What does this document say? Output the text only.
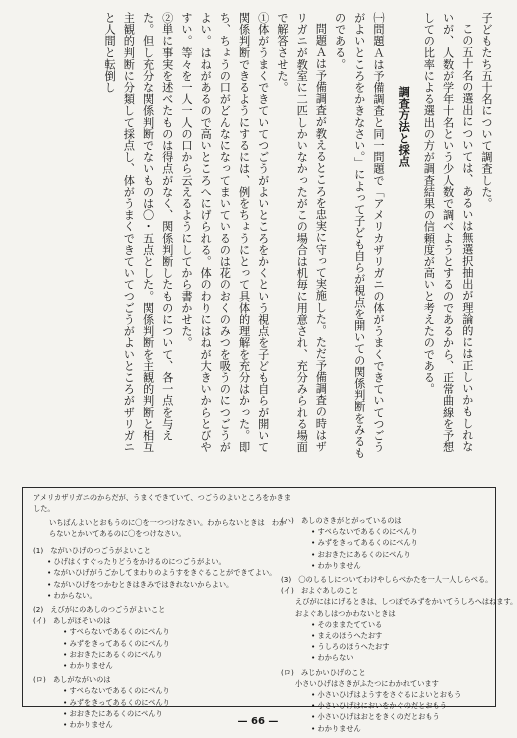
子どもたち五十名について調査した。

この五十名の選出については、あるいは無選択抽出が理論的には正しいかもしれないが、人数が学年十名という少人数で調べようとするのであるから、正常曲線を予想しての比率による選出の方が調査結果の信頼度が高いと考えたのである。

調査方法と採点

㈠問題Ａは予備調査と同一問題で「アメリカザリガニの体がうまくできていてつごうがよいところをかきなさい。」によって子ども自らが視点を開いての関係判断をみるものである。

問題Ａは予備調査が教えるところを忠実に守って実施した。ただ予備調査の時はザリガニが教室に二匹しかいなかったがこの場合は机毎に用意され、充分みられる場面で解答させた。

①体がうまくできていてつごうがよいところをかくという視点を子ども自らが開いて関係判断できるようにするには、例をちょうにとって具体的理解を充分はかった。即ち、ちょうの口がどんなになってまいているのは花のおくのみつを吸うのにつごうがよい。はねがあるので高いところへにげられる。体のわりにはねが大きいからとびやすい。等々を一人一人の口から云えるようにしてから書かせた。

②単に事実を述べたものは得点がなく、関係判断したものについて、各一点を与えた。但し充分な関係判断でないものは〇・五点とした。関係判断を主観的判断と相互主観的判断に分類して採点し、体がうまくできていてつごうがよいところがザリガニと人間と転倒し

アメリカザリガニのからだが、うまくできていて、つごうのよいところをかきました。
いちばんよいとおもうのに〇を一つつけなさい。わからないときは　わからないとかいてあるのに〇をつけなさい。
(1)　ながいひげのつごうがよいこと
• ひげはくすぐったりどうをかけるのにつごうがよい。
• ながいひげがうごかしてまわりのようすをきぐることができてよい。
• ながいひげをつかむときはきみではきれないからよい。
• わからない。
(2)　えびがにのあしのつごうがよいこと
(イ)　あしがほそいのは
• すべらないであるくのにべんり
• みずをきってあるくのにべんり
• おおきたにあるくのにべんり
• わかりません
(ロ)　あしがながいのは
• すべらないであるくのにべんり
• みずをきってあるくのにべんり
• おおきたにあるくのにべんり
• わかりません
(ハ)　あしのさきがとがっているのは
• すべらないであるくのにべんり
• みずをきってあるくのにべんり
• おおきたにあるくのにべんり
• わかりません
(3)　〇のしるしについてわけやしらべかたを一人一人しらべる。
(イ)　およぐあしのこと
えびがにはにげるときは、しつぽでみずをかいてうしろへはねます。
およぐあしはつかわないときは
• そのままたてている
• まえのほうへたおす
• うしろのほうへたおす
• わからない
(ロ)　みじかいひげのこと
小さいひげはさきがふたつにわかれています
• 小さいひげはようすをさぐるによいとおもう
• 小さいひげはにおいをかぐのだとおもう
• 小さいひげはおとをきくのだとおもう
• わかりません
— 66 —
